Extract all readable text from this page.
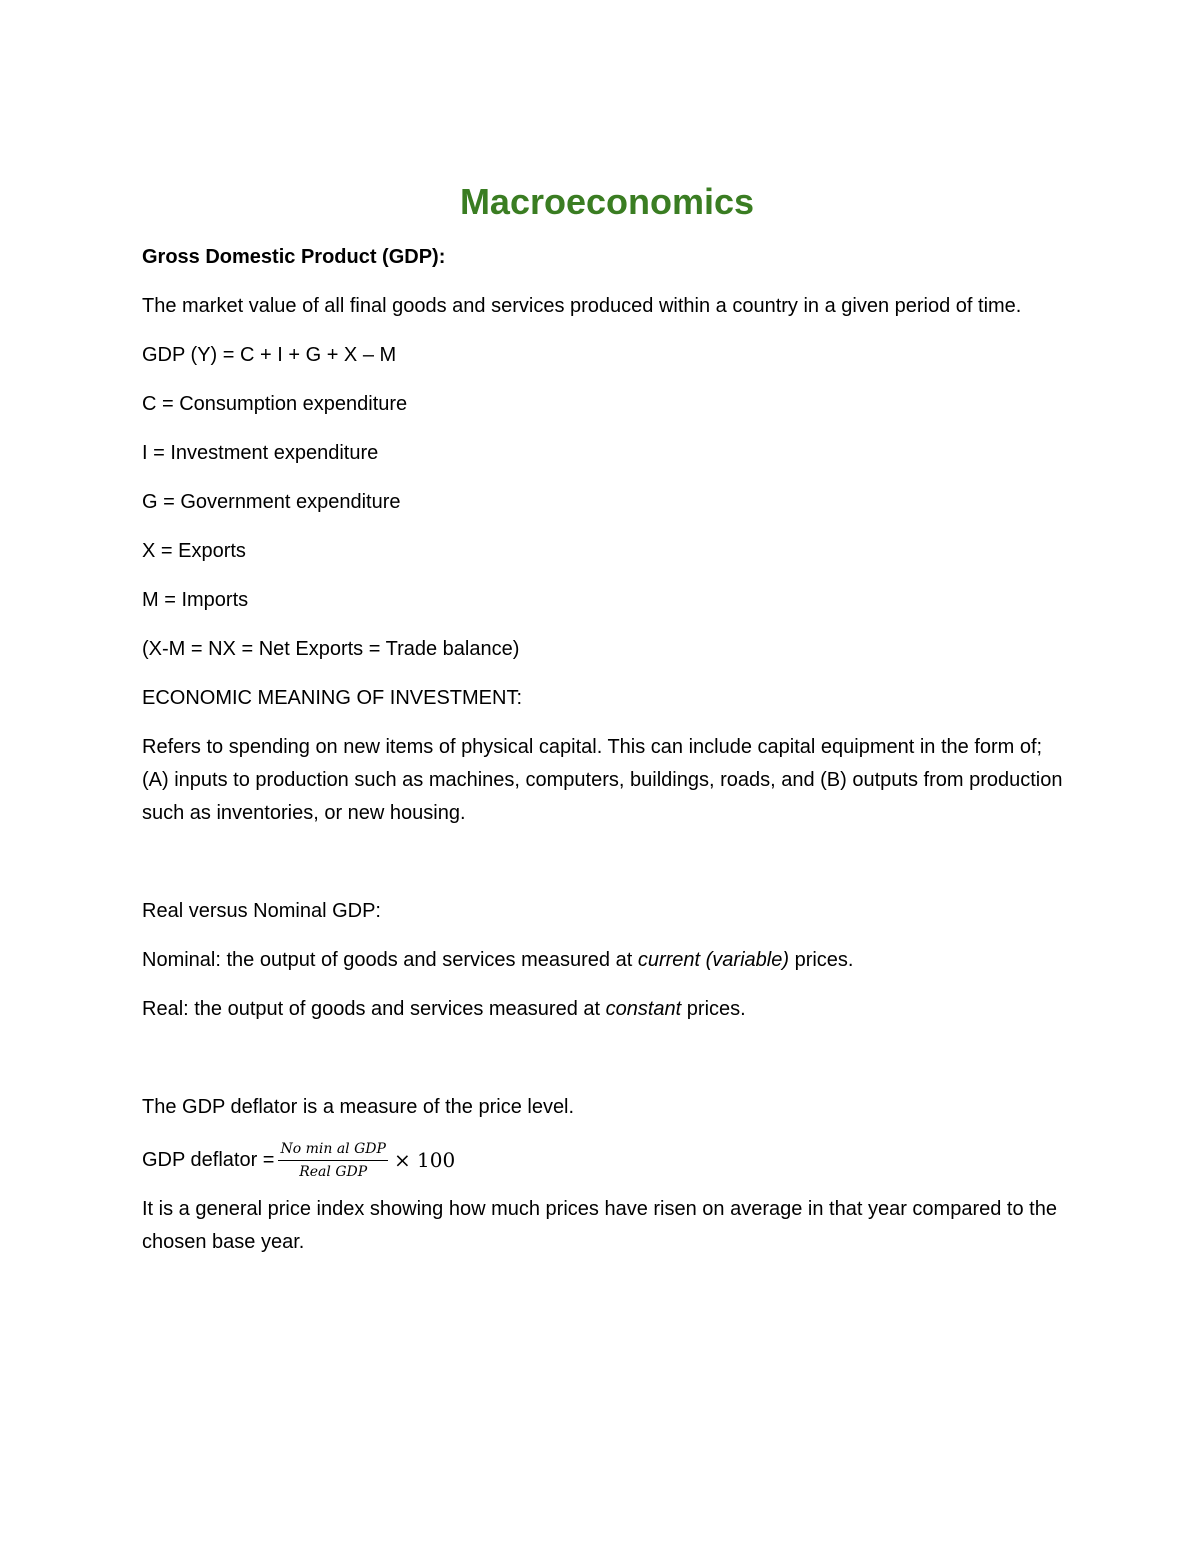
Macroeconomics
Gross Domestic Product (GDP):
The market value of all final goods and services produced within a country in a given period of time.
GDP (Y) = C + I + G + X – M
C = Consumption expenditure
I = Investment expenditure
G = Government expenditure
X = Exports
M = Imports
(X-M = NX = Net Exports = Trade balance)
ECONOMIC MEANING OF INVESTMENT:
Refers to spending on new items of physical capital. This can include capital equipment in the form of; (A) inputs to production such as machines, computers, buildings, roads, and (B) outputs from production such as inventories, or new housing.
Real versus Nominal GDP:
Nominal: the output of goods and services measured at current (variable) prices.
Real: the output of goods and services measured at constant prices.
The GDP deflator is a measure of the price level.
GDP deflator = $\frac{\text{No min al GDP}}{\text{Real GDP}} \times 100$
It is a general price index showing how much prices have risen on average in that year compared to the chosen base year.
